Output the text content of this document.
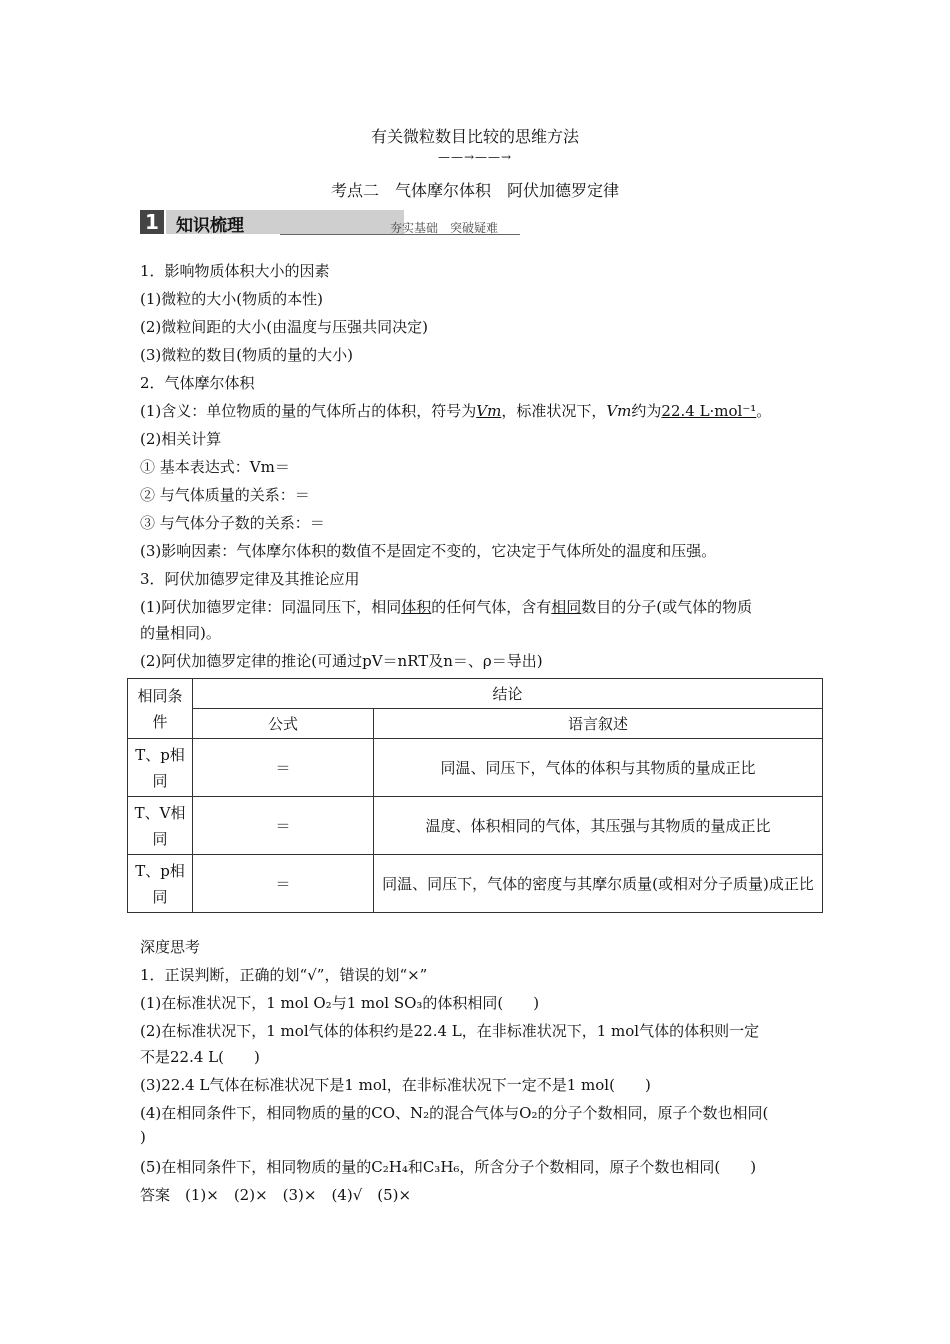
有关微粒数目比较的思维方法
——→——→
考点二　气体摩尔体积　阿伏加德罗定律
1 知识梳理	夯实基础　突破疑难
1．影响物质体积大小的因素
(1)微粒的大小(物质的本性)
(2)微粒间距的大小(由温度与压强共同决定)
(3)微粒的数目(物质的量的大小)
2．气体摩尔体积
(1)含义：单位物质的量的气体所占的体积，符号为Vm，标准状况下，Vm约为22.4 L·mol⁻¹。
(2)相关计算
① 基本表达式：Vm＝
② 与气体质量的关系：＝
③ 与气体分子数的关系：＝
(3)影响因素：气体摩尔体积的数值不是固定不变的，它决定于气体所处的温度和压强。
3．阿伏加德罗定律及其推论应用
(1)阿伏加德罗定律：同温同压下，相同体积的任何气体，含有相同数目的分子(或气体的物质
的量相同)。
(2)阿伏加德罗定律的推论(可通过pV＝nRT及n＝、ρ＝导出)
相同条件	结论	
	公式	语言叙述
T、p相同	＝	同温、同压下，气体的体积与其物质的量成正比
T、V相同	＝	温度、体积相同的气体，其压强与其物质的量成正比
T、p相同	＝	同温、同压下，气体的密度与其摩尔质量(或相对分子质量)成正比
深度思考
1．正误判断，正确的划“√”，错误的划“×”
(1)在标准状况下，1 mol O₂与1 mol SO₃的体积相同(　　)
(2)在标准状况下，1 mol气体的体积约是22.4 L，在非标准状况下，1 mol气体的体积则一定
不是22.4 L(　　)
(3)22.4 L气体在标准状况下是1 mol，在非标准状况下一定不是1 mol(　　)
(4)在相同条件下，相同物质的量的CO、N₂的混合气体与O₂的分子个数相同，原子个数也相同(
)
(5)在相同条件下，相同物质的量的C₂H₄和C₃H₆，所含分子个数相同，原子个数也相同(　　)
答案　(1)×　(2)×　(3)×　(4)√　(5)×
